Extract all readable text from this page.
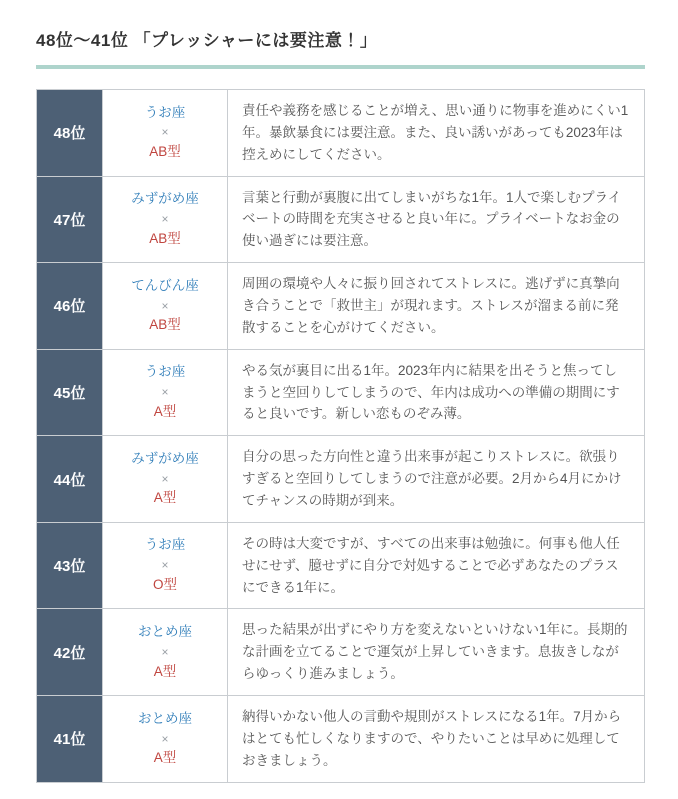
48位〜41位 「プレッシャーには要注意！」
48位	うお座
×
AB型	責任や義務を感じることが増え、思い通りに物事を進めにくい1年。暴飲暴食には要注意。また、良い誘いがあっても2023年は控えめにしてください。
47位	みずがめ座
×
AB型	言葉と行動が裏腹に出てしまいがちな1年。1人で楽しむプライベートの時間を充実させると良い年に。プライベートなお金の使い過ぎには要注意。
46位	てんびん座
×
AB型	周囲の環境や人々に振り回されてストレスに。逃げずに真摯向き合うことで「救世主」が現れます。ストレスが溜まる前に発散することを心がけてください。
45位	うお座
×
A型	やる気が裏目に出る1年。2023年内に結果を出そうと焦ってしまうと空回りしてしまうので、年内は成功への準備の期間にすると良いです。新しい恋ものぞみ薄。
44位	みずがめ座
×
A型	自分の思った方向性と違う出来事が起こりストレスに。欲張りすぎると空回りしてしまうので注意が必要。2月から4月にかけてチャンスの時期が到来。
43位	うお座
×
O型	その時は大変ですが、すべての出来事は勉強に。何事も他人任せにせず、臆せずに自分で対処することで必ずあなたのプラスにできる1年に。
42位	おとめ座
×
A型	思った結果が出ずにやり方を変えないといけない1年に。長期的な計画を立てることで運気が上昇していきます。息抜きしながらゆっくり進みましょう。
41位	おとめ座
×
A型	納得いかない他人の言動や規則がストレスになる1年。7月からはとても忙しくなりますので、やりたいことは早めに処理しておきましょう。
